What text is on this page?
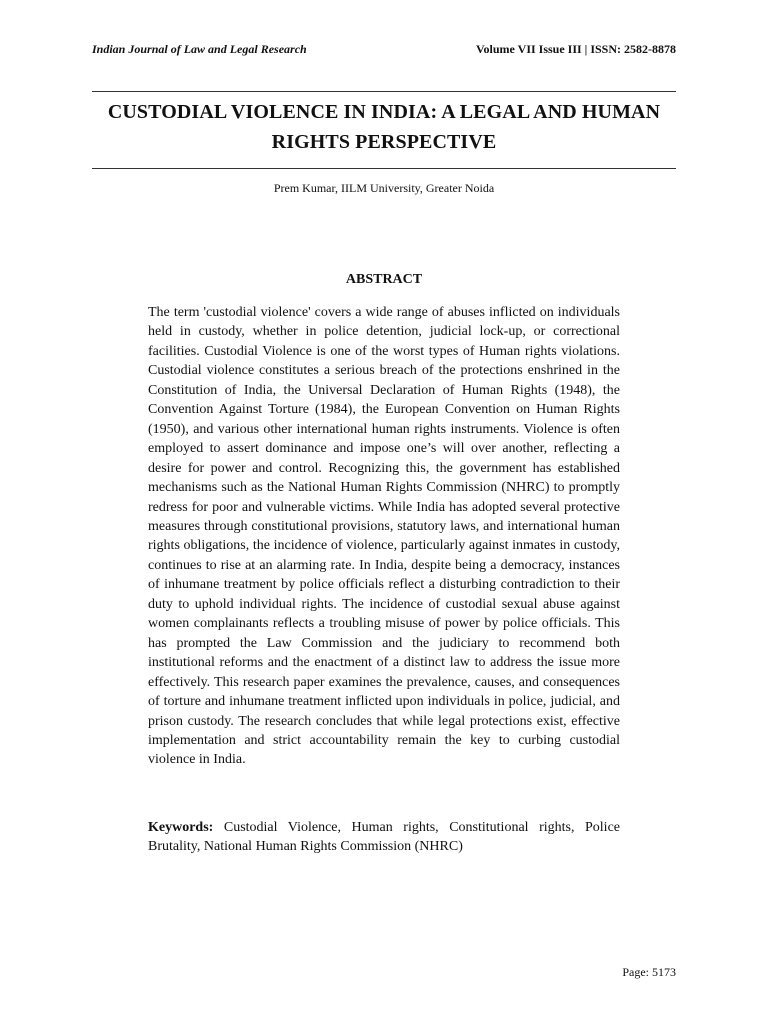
Indian Journal of Law and Legal Research	Volume VII Issue III | ISSN: 2582-8878
CUSTODIAL VIOLENCE IN INDIA: A LEGAL AND HUMAN RIGHTS PERSPECTIVE
Prem Kumar, IILM University, Greater Noida
ABSTRACT
The term 'custodial violence' covers a wide range of abuses inflicted on individuals held in custody, whether in police detention, judicial lock-up, or correctional facilities. Custodial Violence is one of the worst types of Human rights violations. Custodial violence constitutes a serious breach of the protections enshrined in the Constitution of India, the Universal Declaration of Human Rights (1948), the Convention Against Torture (1984), the European Convention on Human Rights (1950), and various other international human rights instruments. Violence is often employed to assert dominance and impose one’s will over another, reflecting a desire for power and control. Recognizing this, the government has established mechanisms such as the National Human Rights Commission (NHRC) to promptly redress for poor and vulnerable victims. While India has adopted several protective measures through constitutional provisions, statutory laws, and international human rights obligations, the incidence of violence, particularly against inmates in custody, continues to rise at an alarming rate. In India, despite being a democracy, instances of inhumane treatment by police officials reflect a disturbing contradiction to their duty to uphold individual rights. The incidence of custodial sexual abuse against women complainants reflects a troubling misuse of power by police officials. This has prompted the Law Commission and the judiciary to recommend both institutional reforms and the enactment of a distinct law to address the issue more effectively. This research paper examines the prevalence, causes, and consequences of torture and inhumane treatment inflicted upon individuals in police, judicial, and prison custody. The research concludes that while legal protections exist, effective implementation and strict accountability remain the key to curbing custodial violence in India.
Keywords: Custodial Violence, Human rights, Constitutional rights, Police Brutality, National Human Rights Commission (NHRC)
Page: 5173
